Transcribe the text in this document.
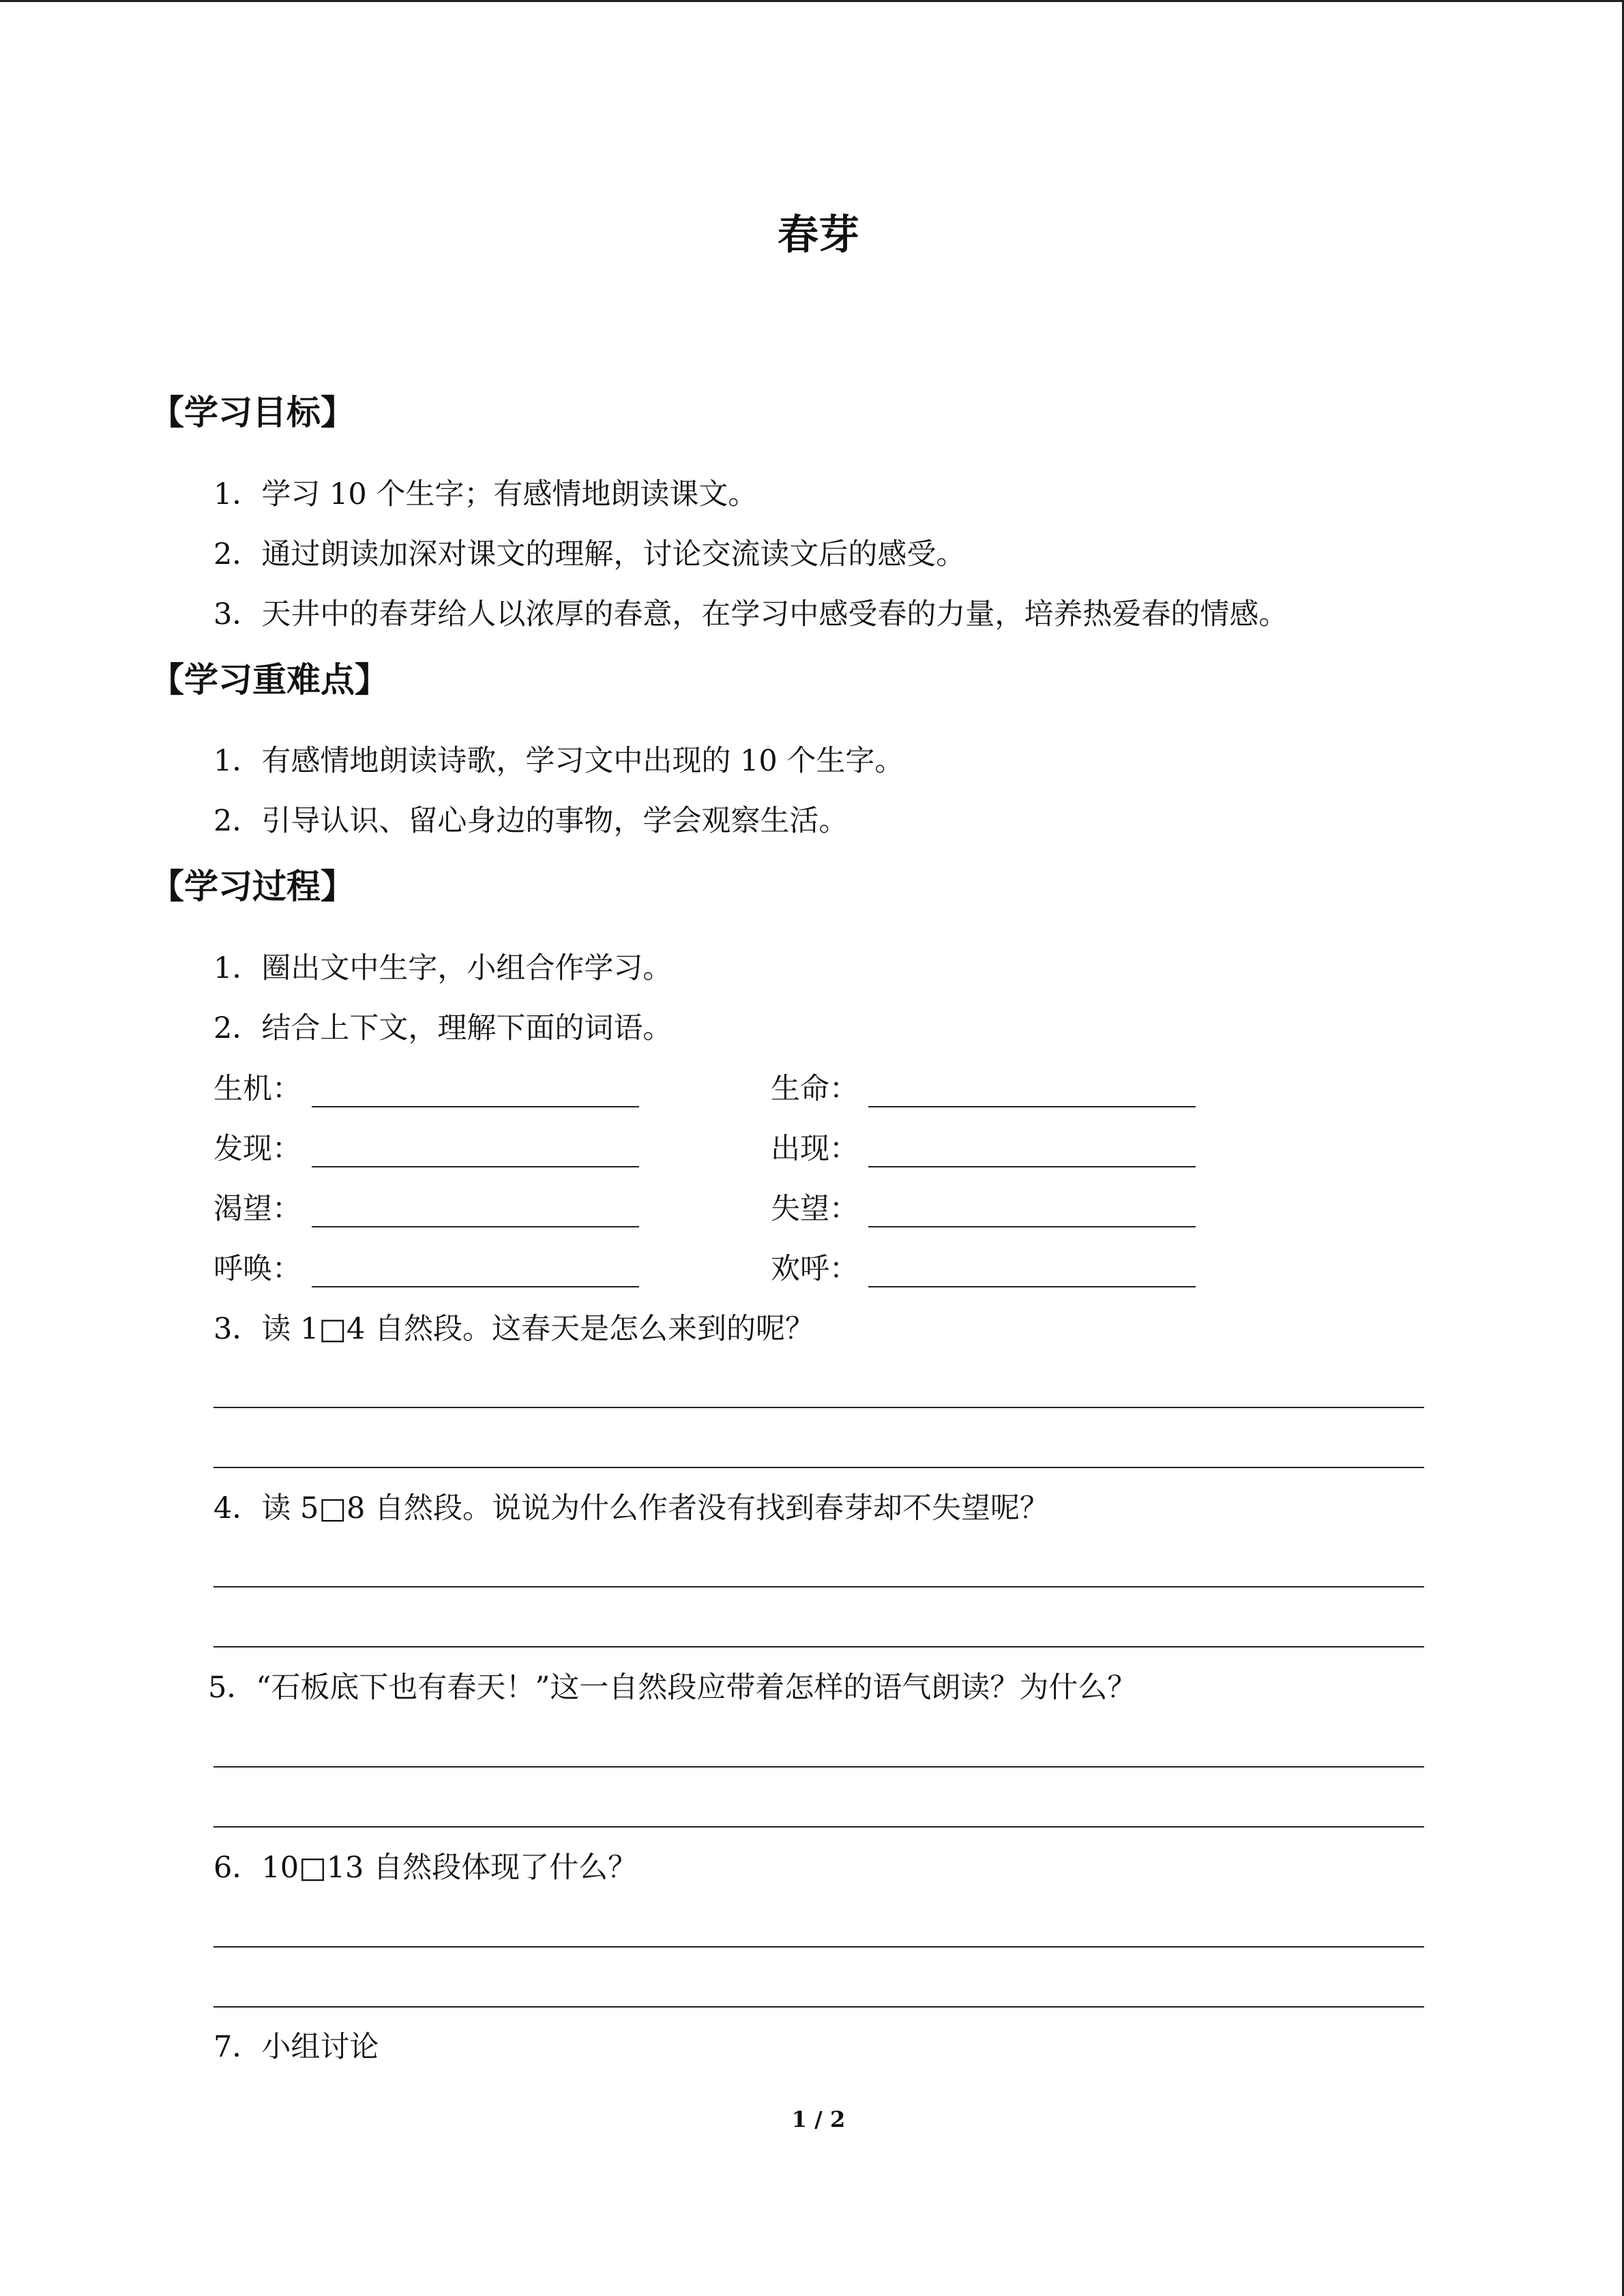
春芽
【学习目标】

1．学习 10 个生字；有感情地朗读课文。

2．通过朗读加深对课文的理解，讨论交流读文后的感受。

3．天井中的春芽给人以浓厚的春意，在学习中感受春的力量，培养热爱春的情感。

【学习重难点】

1．有感情地朗读诗歌，学习文中出现的 10 个生字。

2．引导认识、留心身边的事物，学会观察生活。

【学习过程】

1．圈出文中生字，小组合作学习。

2．结合上下文，理解下面的词语。

生机：	生命：

发现：	出现：

渴望：	失望：

呼唤：	欢呼：

3．读 1□4 自然段。这春天是怎么来到的呢？

4．读 5□8 自然段。说说为什么作者没有找到春芽却不失望呢？

5．“石板底下也有春天！”这一自然段应带着怎样的语气朗读？为什么？

6．10□13 自然段体现了什么？

7．小组讨论

1 / 2
